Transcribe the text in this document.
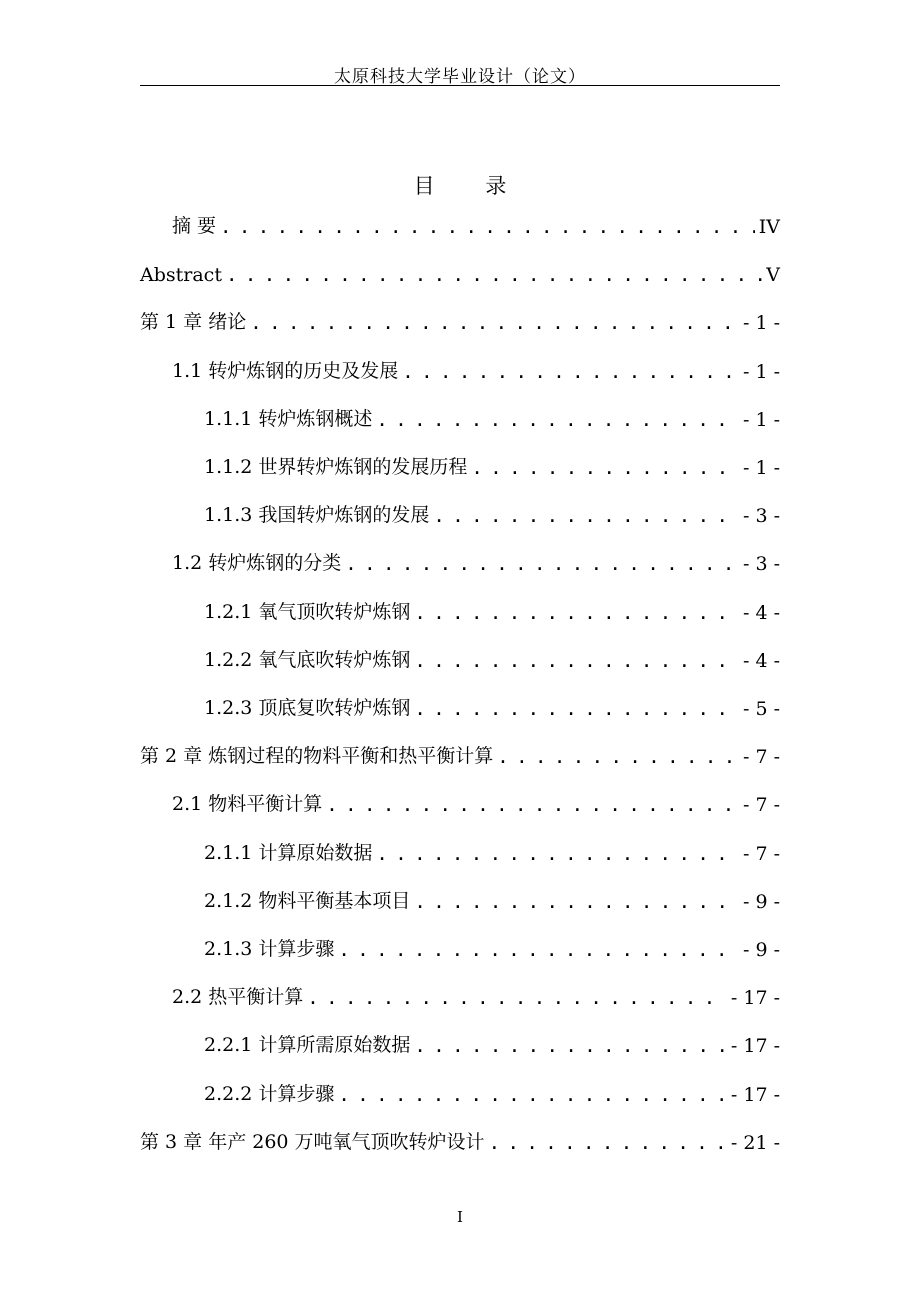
太原科技大学毕业设计（论文）
目 录
摘 要 . . .	IV
Abstract . . .	V
第 1 章 绪论 . . .	- 1 -
1.1 转炉炼钢的历史及发展 . . .	- 1 -
1.1.1 转炉炼钢概述 . . .	- 1 -
1.1.2 世界转炉炼钢的发展历程 . . .	- 1 -
1.1.3 我国转炉炼钢的发展 . . .	- 3 -
1.2 转炉炼钢的分类 . . .	- 3 -
1.2.1 氧气顶吹转炉炼钢 . . .	- 4 -
1.2.2 氧气底吹转炉炼钢 . . .	- 4 -
1.2.3 顶底复吹转炉炼钢 . . .	- 5 -
第 2 章 炼钢过程的物料平衡和热平衡计算 . . .	- 7 -
2.1 物料平衡计算 . . .	- 7 -
2.1.1 计算原始数据 . . .	- 7 -
2.1.2 物料平衡基本项目 . . .	- 9 -
2.1.3 计算步骤 . . .	- 9 -
2.2 热平衡计算 . . .	- 17 -
2.2.1 计算所需原始数据 . . .	- 17 -
2.2.2 计算步骤 . . .	- 17 -
第 3 章 年产 260 万吨氧气顶吹转炉设计 . . .	- 21 -
I
